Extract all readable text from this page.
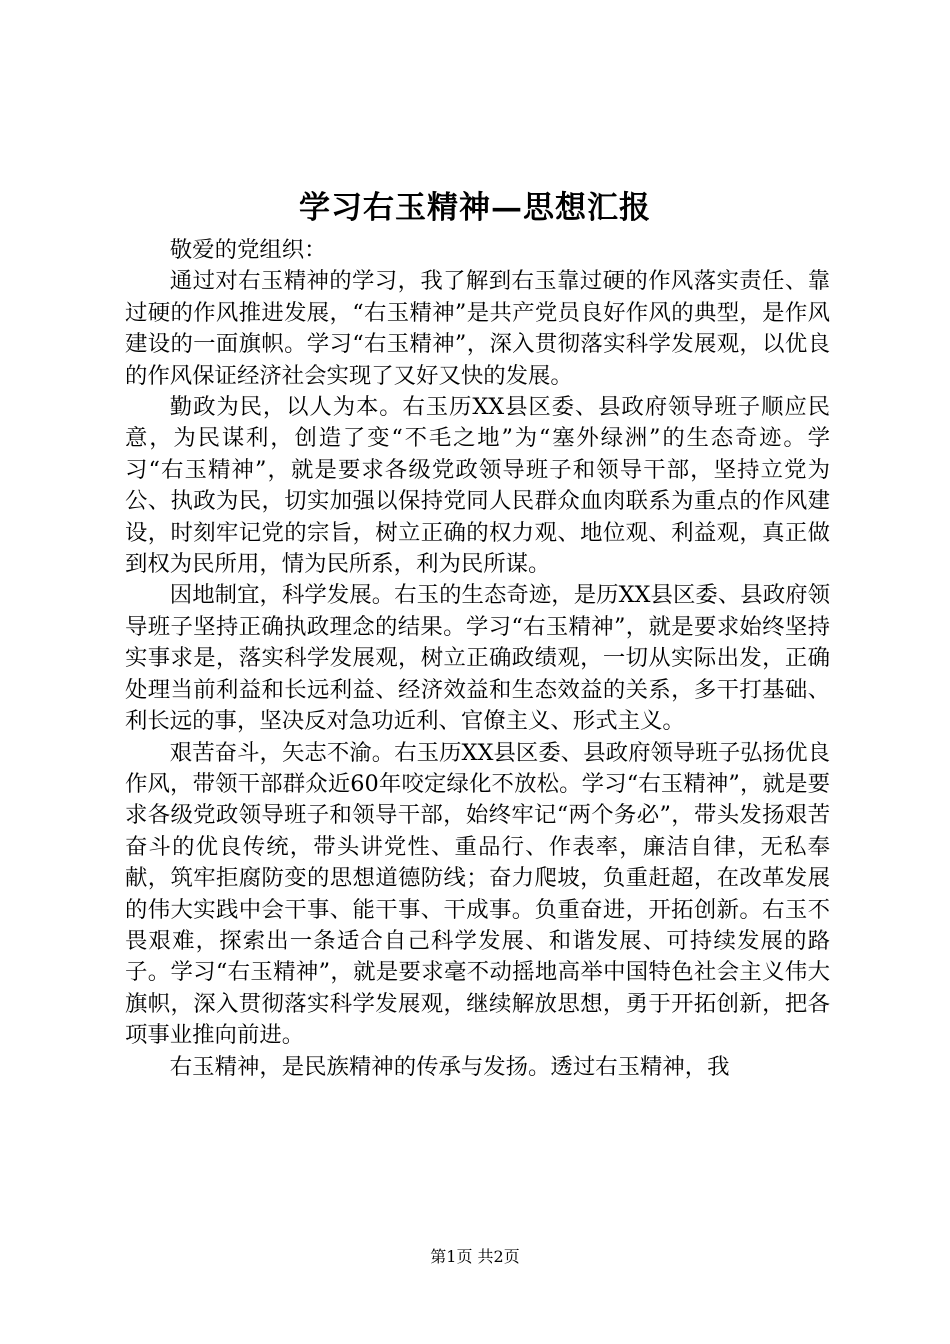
学习右玉精神—思想汇报

敬爱的党组织：

通过对右玉精神的学习，我了解到右玉靠过硬的作风落实责任、靠过硬的作风推进发展，“右玉精神”是共产党员良好作风的典型，是作风建设的一面旗帜。学习“右玉精神”，深入贯彻落实科学发展观，以优良的作风保证经济社会实现了又好又快的发展。

勤政为民，以人为本。右玉历XX县区委、县政府领导班子顺应民意，为民谋利，创造了变“不毛之地”为“塞外绿洲”的生态奇迹。学习“右玉精神”，就是要求各级党政领导班子和领导干部，坚持立党为公、执政为民，切实加强以保持党同人民群众血肉联系为重点的作风建设，时刻牢记党的宗旨，树立正确的权力观、地位观、利益观，真正做到权为民所用，情为民所系，利为民所谋。

因地制宜，科学发展。右玉的生态奇迹，是历XX县区委、县政府领导班子坚持正确执政理念的结果。学习“右玉精神”，就是要求始终坚持实事求是，落实科学发展观，树立正确政绩观，一切从实际出发，正确处理当前利益和长远利益、经济效益和生态效益的关系，多干打基础、利长远的事，坚决反对急功近利、官僚主义、形式主义。

艰苦奋斗，矢志不渝。右玉历XX县区委、县政府领导班子弘扬优良作风，带领干部群众近60年咬定绿化不放松。学习“右玉精神”，就是要求各级党政领导班子和领导干部，始终牢记“两个务必”，带头发扬艰苦奋斗的优良传统，带头讲党性、重品行、作表率，廉洁自律，无私奉献，筑牢拒腐防变的思想道德防线；奋力爬坡，负重赶超，在改革发展的伟大实践中会干事、能干事、干成事。负重奋进，开拓创新。右玉不畏艰难，探索出一条适合自己科学发展、和谐发展、可持续发展的路子。学习“右玉精神”，就是要求毫不动摇地高举中国特色社会主义伟大旗帜，深入贯彻落实科学发展观，继续解放思想，勇于开拓创新，把各项事业推向前进。

右玉精神，是民族精神的传承与发扬。透过右玉精神，我

第1页 共2页
